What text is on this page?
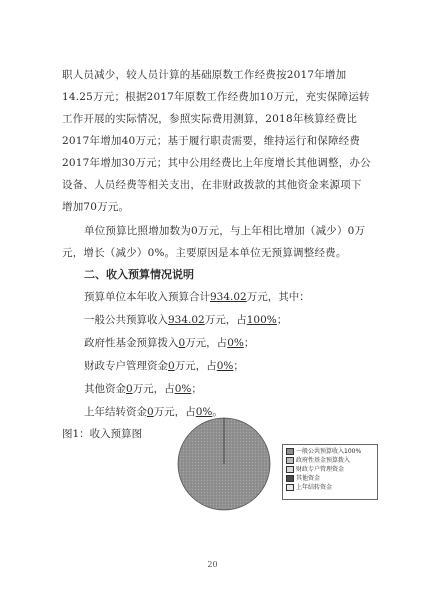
职人员减少，较人员计算的基础原数工作经费按2017年增加14.25万元；根据2017年原数工作经费加10万元，充实保障运转工作开展的实际情况，参照实际费用测算，2018年核算经费比2017年增加40万元；基于履行职责需要，维持运行和保障经费2017年增加30万元；其中公用经费比上年度增长其他调整，办公设备、人员经费等相关支出，在非财政拨款的其他资金来源项下增加70万元。
单位预算比照增加数为0万元，与上年相比增加（减少）0万元，增长（减少）0%。主要原因是本单位无预算调整经费。
二、收入预算情况说明
预算单位本年收入预算合计934.02万元，其中：
一般公共预算收入934.02万元，占100%；
政府性基金预算拨入0万元，占0%；
财政专户管理资金0万元，占0%；
其他资金0万元，占0%；
上年结转资金0万元，占0%。
图1：收入预算图
一般公共预算收入100%
政府性基金预算拨入
财政专户管理资金
其他资金
上年结转资金
20
